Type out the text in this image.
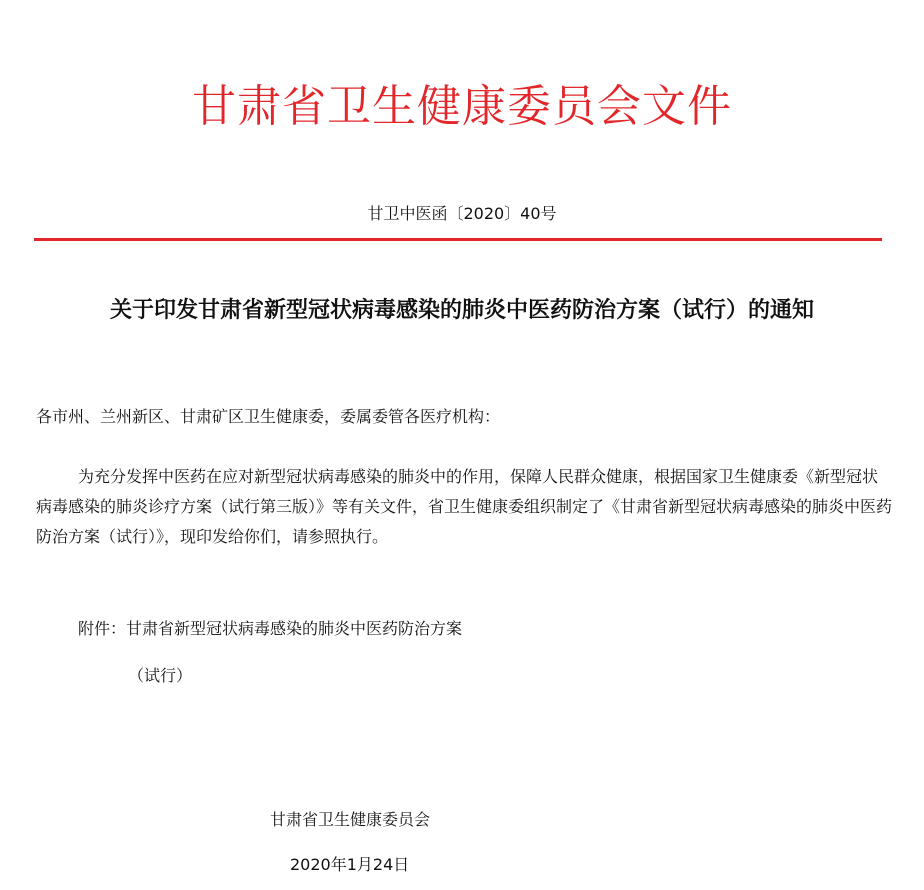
甘肃省卫生健康委员会文件
甘卫中医函〔2020〕40号
关于印发甘肃省新型冠状病毒感染的肺炎中医药防治方案（试行）的通知
各市州、兰州新区、甘肃矿区卫生健康委，委属委管各医疗机构：

为充分发挥中医药在应对新型冠状病毒感染的肺炎中的作用，保障人民群众健康，根据国家卫生健康委《新型冠状病毒感染的肺炎诊疗方案（试行第三版）》等有关文件，省卫生健康委组织制定了《甘肃省新型冠状病毒感染的肺炎中医药防治方案（试行）》，现印发给你们，请参照执行。

附件：甘肃省新型冠状病毒感染的肺炎中医药防治方案
（试行）
甘肃省卫生健康委员会
2020年1月24日
